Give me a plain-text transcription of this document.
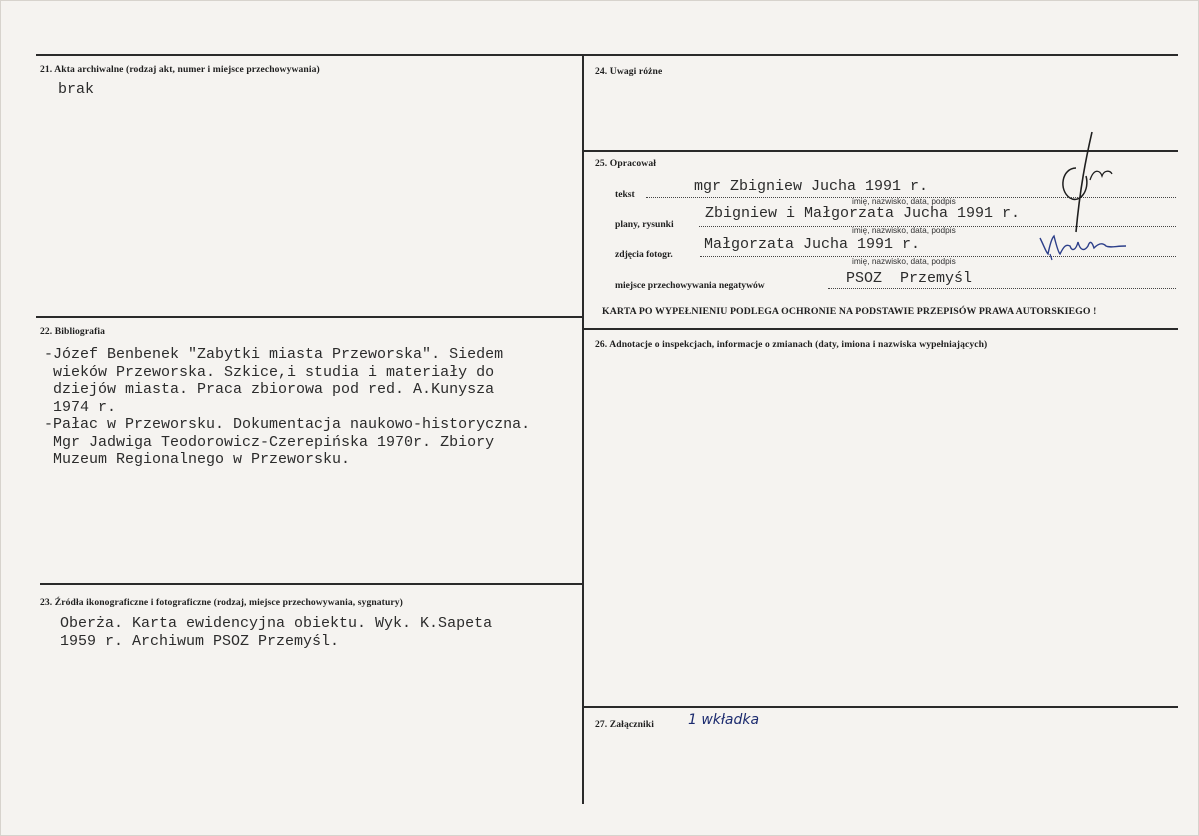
21. Akta archiwalne (rodzaj akt, numer i miejsce przechowywania)
brak
22. Bibliografia
-Józef Benbenek "Zabytki miasta Przeworska". Siedem
wieków Przeworska. Szkice,i studia i materiały do
dziejów miasta. Praca zbiorowa pod red. A.Kunysza
1974 r.
-Pałac w Przeworsku. Dokumentacja naukowo-historyczna.
Mgr Jadwiga Teodorowicz-Czerepińska 1970r. Zbiory
Muzeum Regionalnego w Przeworsku.
23. Źródła ikonograficzne i fotograficzne (rodzaj, miejsce przechowywania, sygnatury)
Oberża. Karta ewidencyjna obiektu. Wyk. K.Sapeta
1959 r. Archiwum PSOZ Przemyśl.
24. Uwagi różne
25. Opracował
tekst	mgr Zbigniew Jucha 1991 r.
imię, nazwisko, data, podpis
plany, rysunki
Zbigniew i Małgorzata Jucha 1991 r.
imię, nazwisko, data, podpis
zdjęcia fotogr.
Małgorzata Jucha 1991 r.
imię, nazwisko, data, podpis
miejsce przechowywania negatywów	PSOZ  Przemyśl
KARTA PO WYPEŁNIENIU PODLEGA OCHRONIE NA PODSTAWIE PRZEPISÓW PRAWA AUTORSKIEGO !
26. Adnotacje o inspekcjach, informacje o zmianach (daty, imiona i nazwiska wypełniających)
27. Załączniki 1 wkładka
